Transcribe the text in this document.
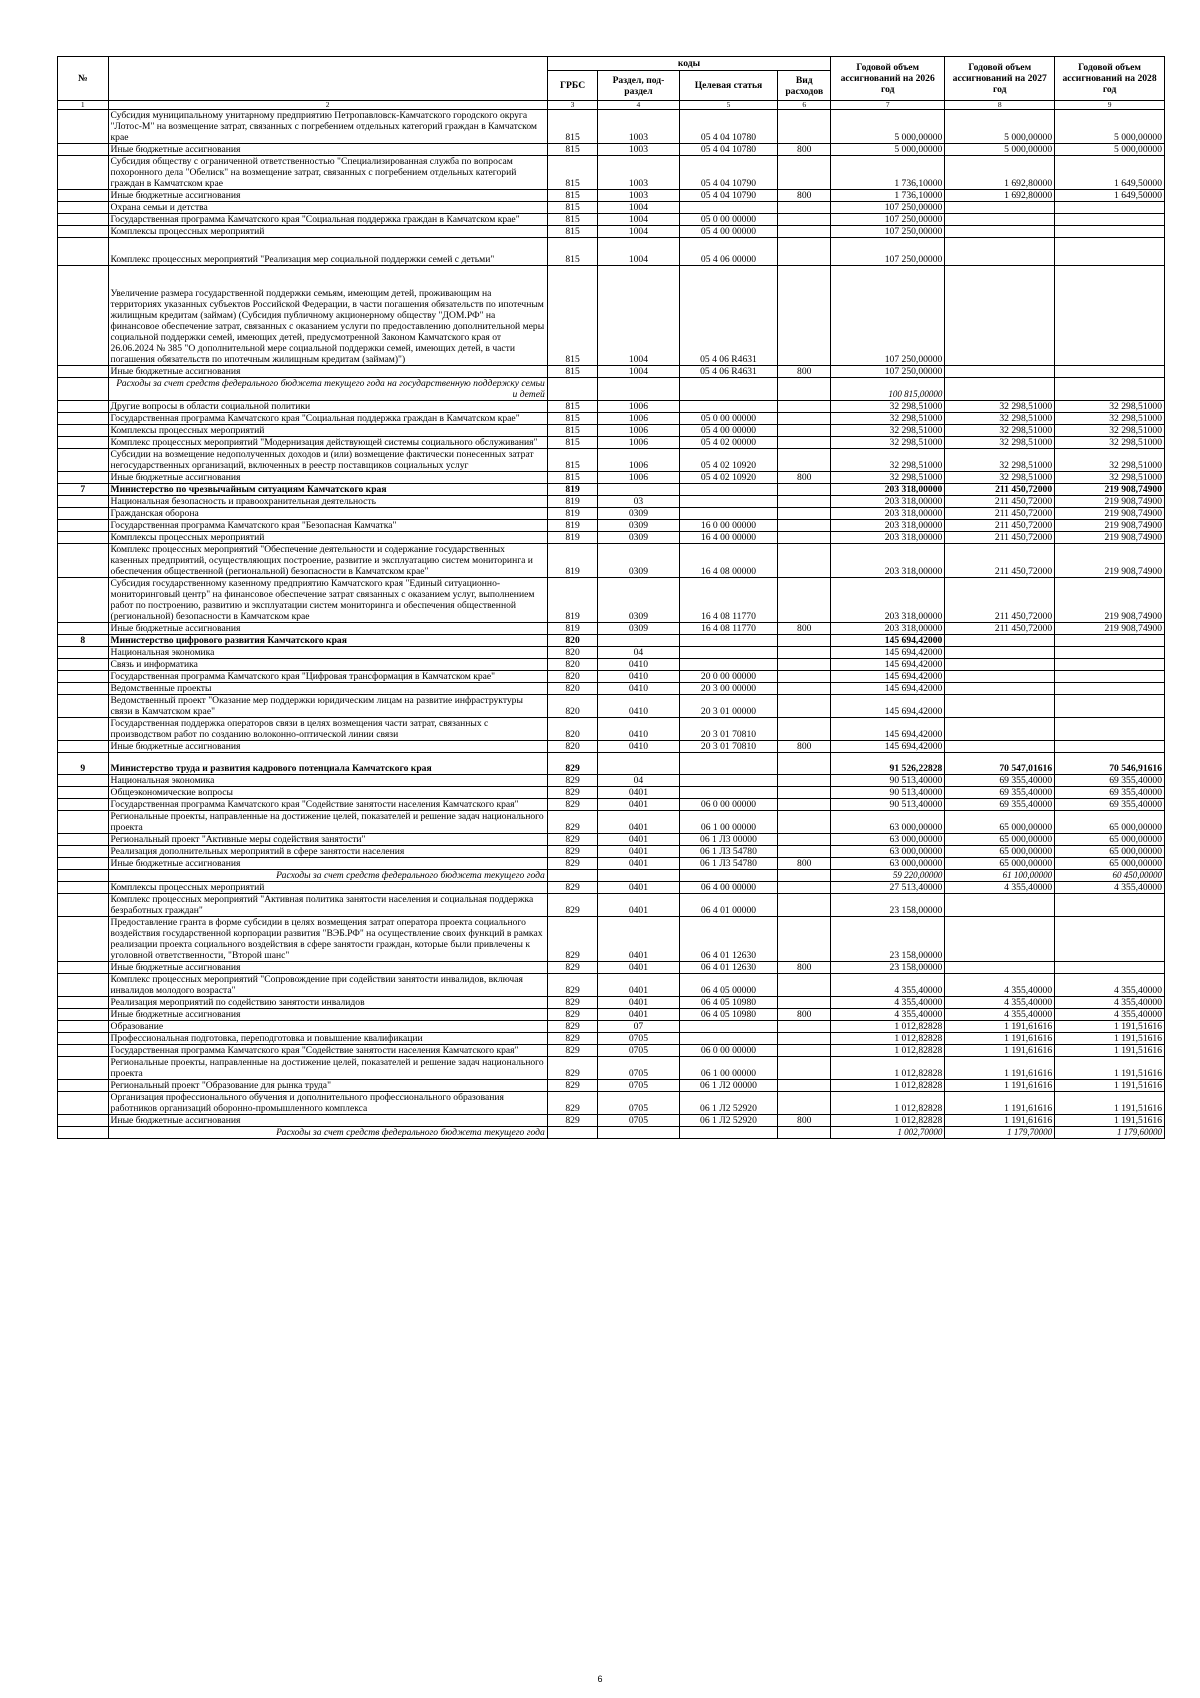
№		коды				Годовой объем ассигнований на 2026 год	Годовой объем ассигнований на 2027 год	Годовой объем ассигнований на 2028 год
		ГРБС	Раздел, под-раздел	Целевая статья	Вид расходов			
1	2	3	4	5	6	7	8	9
	Субсидия муниципальному унитарному предприятию Петропавловск-Камчатского городского округа "Лотос-М" на возмещение затрат, связанных с погребением отдельных категорий граждан в Камчатском крае	815	1003	05 4 04 10780		5 000,00000	5 000,00000	5 000,00000
	Иные бюджетные ассигнования	815	1003	05 4 04 10780	800	5 000,00000	5 000,00000	5 000,00000
	Субсидия обществу с ограниченной ответственностью "Специализированная служба по вопросам похоронного дела "Обелиск" на возмещение затрат, связанных с погребением отдельных категорий граждан в Камчатском крае	815	1003	05 4 04 10790		1 736,10000	1 692,80000	1 649,50000
	Иные бюджетные ассигнования	815	1003	05 4 04 10790	800	1 736,10000	1 692,80000	1 649,50000
	Охрана семьи и детства	815	1004			107 250,00000		
	Государственная программа Камчатского края "Социальная поддержка граждан в Камчатском крае"	815	1004	05 0 00 00000		107 250,00000		
	Комплексы процессных мероприятий	815	1004	05 4 00 00000		107 250,00000		
	Комплекс процессных мероприятий "Реализация мер социальной поддержки семей с детьми"	815	1004	05 4 06 00000		107 250,00000		
	Увеличение размера государственной поддержки семьям, имеющим детей, проживающим на территориях указанных субъектов Российской Федерации, в части погашения обязательств по ипотечным жилищным кредитам (займам) (Субсидия публичному акционерному обществу "ДОМ.РФ" на финансовое обеспечение затрат, связанных с оказанием услуги по предоставлению дополнительной меры социальной поддержки семей, имеющих детей, предусмотренной Законом Камчатского края от 26.06.2024 № 385 "О дополнительной мере социальной поддержки семей, имеющих детей, в части погашения обязательств по ипотечным жилищным кредитам (займам)")	815	1004	05 4 06 R4631		107 250,00000		
	Иные бюджетные ассигнования	815	1004	05 4 06 R4631	800	107 250,00000		
	Расходы за счет средств федерального бюджета текущего года на государственную поддержку семьи и детей					100 815,00000		
	Другие вопросы в области социальной политики	815	1006			32 298,51000	32 298,51000	32 298,51000
	Государственная программа Камчатского края "Социальная поддержка граждан в Камчатском крае"	815	1006	05 0 00 00000		32 298,51000	32 298,51000	32 298,51000
	Комплексы процессных мероприятий	815	1006	05 4 00 00000		32 298,51000	32 298,51000	32 298,51000
	Комплекс процессных мероприятий "Модернизация действующей системы социального обслуживания"	815	1006	05 4 02 00000		32 298,51000	32 298,51000	32 298,51000
	Субсидии на возмещение недополученных доходов и (или) возмещение фактически понесенных затрат негосударственных организаций, включенных в реестр поставщиков социальных услуг	815	1006	05 4 02 10920		32 298,51000	32 298,51000	32 298,51000
	Иные бюджетные ассигнования	815	1006	05 4 02 10920	800	32 298,51000	32 298,51000	32 298,51000
7	Министерство по чрезвычайным ситуациям Камчатского края	819				203 318,00000	211 450,72000	219 908,74900
	Национальная безопасность и правоохранительная деятельность	819	03			203 318,00000	211 450,72000	219 908,74900
	Гражданская оборона	819	0309			203 318,00000	211 450,72000	219 908,74900
	Государственная программа Камчатского края "Безопасная Камчатка"	819	0309	16 0 00 00000		203 318,00000	211 450,72000	219 908,74900
	Комплексы процессных мероприятий	819	0309	16 4 00 00000		203 318,00000	211 450,72000	219 908,74900
	Комплекс процессных мероприятий "Обеспечение деятельности и содержание государственных казенных предприятий, осуществляющих построение, развитие и эксплуатацию систем мониторинга и обеспечения общественной (региональной) безопасности в Камчатском крае"	819	0309	16 4 08 00000		203 318,00000	211 450,72000	219 908,74900
	Субсидия государственному казенному предприятию Камчатского края "Единый ситуационно-мониторинговый центр" на финансовое обеспечение затрат связанных с оказанием услуг, выполнением работ по построению, развитию и эксплуатации систем мониторинга и обеспечения общественной (региональной) безопасности в Камчатском крае	819	0309	16 4 08 11770		203 318,00000	211 450,72000	219 908,74900
	Иные бюджетные ассигнования	819	0309	16 4 08 11770	800	203 318,00000	211 450,72000	219 908,74900
8	Министерство цифрового развития Камчатского края	820				145 694,42000		
	Национальная экономика	820	04			145 694,42000		
	Связь и информатика	820	0410			145 694,42000		
	Государственная программа Камчатского края "Цифровая трансформация в Камчатском крае"	820	0410	20 0 00 00000		145 694,42000		
	Ведомственные проекты	820	0410	20 3 00 00000		145 694,42000		
	Ведомственный проект "Оказание мер поддержки юридическим лицам на развитие инфраструктуры связи в Камчатском крае"	820	0410	20 3 01 00000		145 694,42000		
	Государственная поддержка операторов связи в целях возмещения части затрат, связанных с производством работ по созданию волоконно-оптической линии связи	820	0410	20 3 01 70810		145 694,42000		
	Иные бюджетные ассигнования	820	0410	20 3 01 70810	800	145 694,42000		
9	Министерство труда и развития кадрового потенциала Камчатского края	829				91 526,22828	70 547,01616	70 546,91616
	Национальная экономика	829	04			90 513,40000	69 355,40000	69 355,40000
	Общеэкономические вопросы	829	0401			90 513,40000	69 355,40000	69 355,40000
	Государственная программа Камчатского края "Содействие занятости населения Камчатского края"	829	0401	06 0 00 00000		90 513,40000	69 355,40000	69 355,40000
	Региональные проекты, направленные на достижение целей, показателей и решение задач национального проекта	829	0401	06 1 00 00000		63 000,00000	65 000,00000	65 000,00000
	Региональный проект "Активные меры содействия занятости"	829	0401	06 1 Л3 00000		63 000,00000	65 000,00000	65 000,00000
	Реализация дополнительных мероприятий в сфере занятости населения	829	0401	06 1 Л3 54780		63 000,00000	65 000,00000	65 000,00000
	Иные бюджетные ассигнования	829	0401	06 1 Л3 54780	800	63 000,00000	65 000,00000	65 000,00000
	Расходы за счет средств федерального бюджета текущего года					59 220,00000	61 100,00000	60 450,00000
	Комплексы процессных мероприятий	829	0401	06 4 00 00000		27 513,40000	4 355,40000	4 355,40000
	Комплекс процессных мероприятий "Активная политика занятости населения и социальная поддержка безработных граждан"	829	0401	06 4 01 00000		23 158,00000		
	Предоставление гранта в форме субсидии в целях возмещения затрат оператора проекта социального воздействия государственной корпорации развития "ВЭБ.РФ" на осуществление своих функций в рамках реализации проекта социального воздействия в сфере занятости граждан, которые были привлечены к уголовной ответственности, "Второй шанс"	829	0401	06 4 01 12630		23 158,00000		
	Иные бюджетные ассигнования	829	0401	06 4 01 12630	800	23 158,00000		
	Комплекс процессных мероприятий "Сопровождение при содействии занятости инвалидов, включая инвалидов молодого возраста"	829	0401	06 4 05 00000		4 355,40000	4 355,40000	4 355,40000
	Реализация мероприятий по содействию занятости инвалидов	829	0401	06 4 05 10980		4 355,40000	4 355,40000	4 355,40000
	Иные бюджетные ассигнования	829	0401	06 4 05 10980	800	4 355,40000	4 355,40000	4 355,40000
	Образование	829	07			1 012,82828	1 191,61616	1 191,51616
	Профессиональная подготовка, переподготовка и повышение квалификации	829	0705			1 012,82828	1 191,61616	1 191,51616
	Государственная программа Камчатского края "Содействие занятости населения Камчатского края"	829	0705	06 0 00 00000		1 012,82828	1 191,61616	1 191,51616
	Региональные проекты, направленные на достижение целей, показателей и решение задач национального проекта	829	0705	06 1 00 00000		1 012,82828	1 191,61616	1 191,51616
	Региональный проект "Образование для рынка труда"	829	0705	06 1 Л2 00000		1 012,82828	1 191,61616	1 191,51616
	Организация профессионального обучения и дополнительного профессионального образования работников организаций оборонно-промышленного комплекса	829	0705	06 1 Л2 52920		1 012,82828	1 191,61616	1 191,51616
	Иные бюджетные ассигнования	829	0705	06 1 Л2 52920	800	1 012,82828	1 191,61616	1 191,51616
	Расходы за счет средств федерального бюджета текущего года					1 002,70000	1 179,70000	1 179,60000
6
